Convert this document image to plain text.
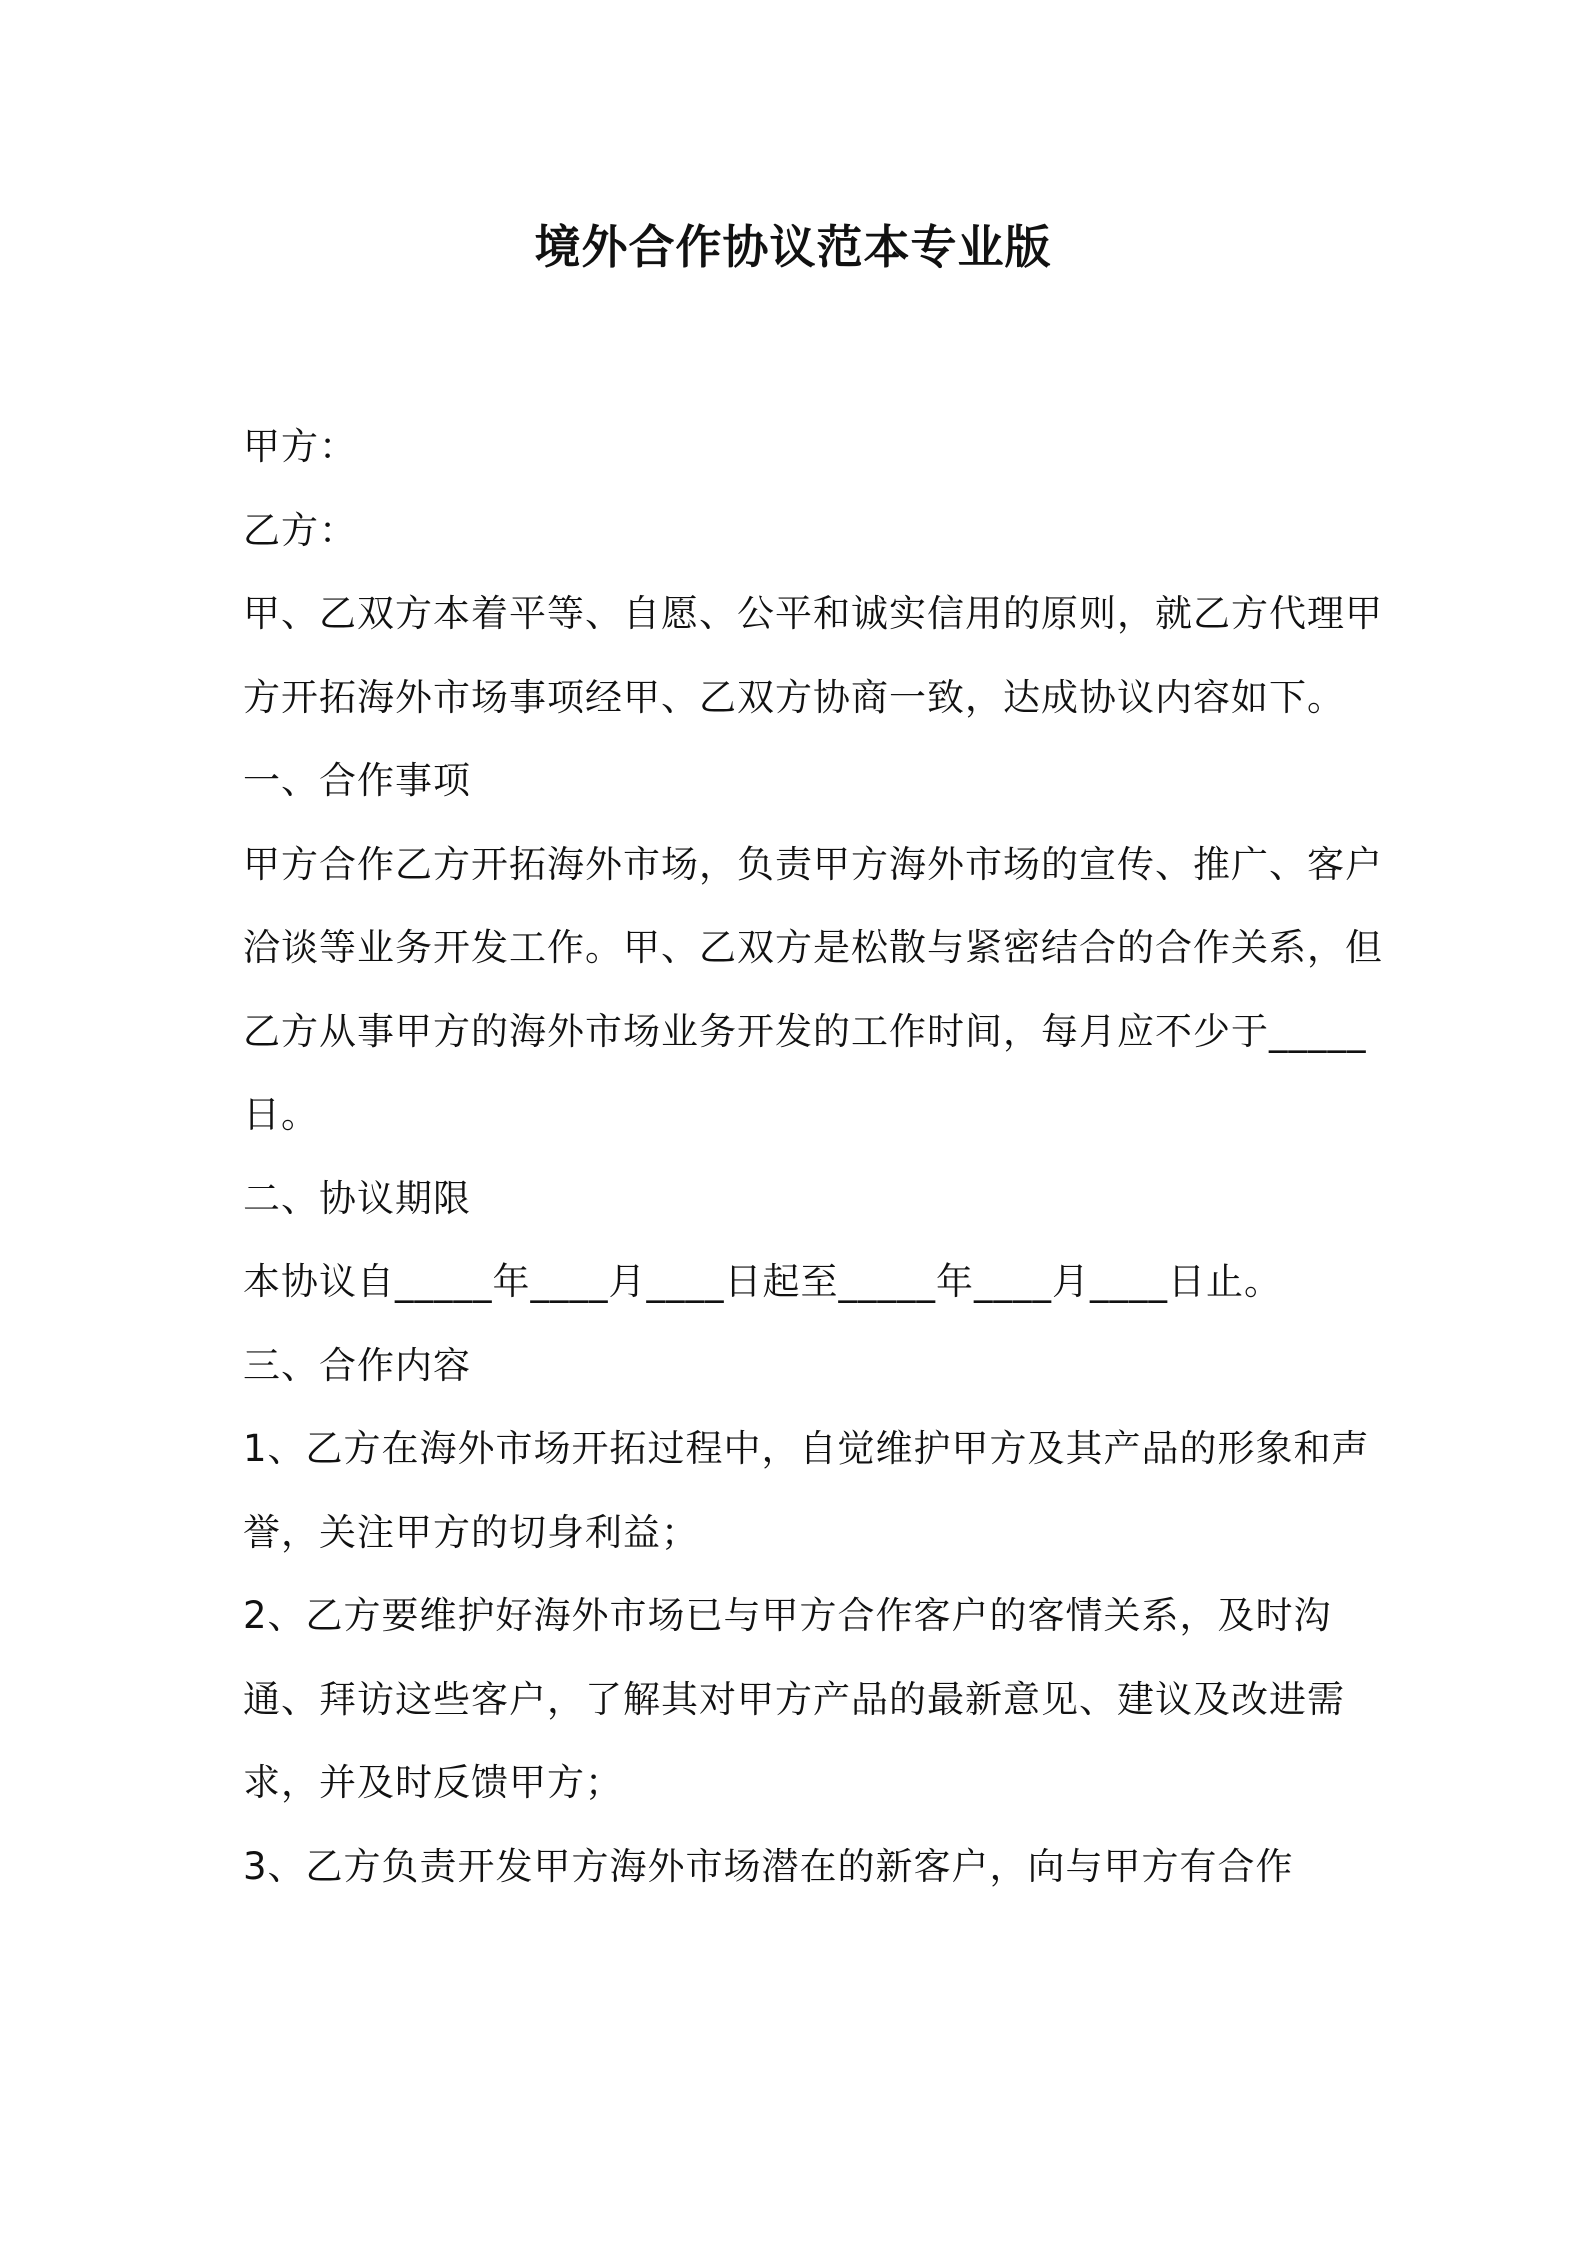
境外合作协议范本专业版

甲方：

乙方：

甲、乙双方本着平等、自愿、公平和诚实信用的原则，就乙方代理甲方开拓海外市场事项经甲、乙双方协商一致，达成协议内容如下。

一、合作事项

甲方合作乙方开拓海外市场，负责甲方海外市场的宣传、推广、客户洽谈等业务开发工作。甲、乙双方是松散与紧密结合的合作关系，但乙方从事甲方的海外市场业务开发的工作时间，每月应不少于_____日。

二、协议期限

本协议自_____年____月____日起至_____年____月____日止。

三、合作内容

1、乙方在海外市场开拓过程中，自觉维护甲方及其产品的形象和声誉，关注甲方的切身利益；

2、乙方要维护好海外市场已与甲方合作客户的客情关系，及时沟通、拜访这些客户，了解其对甲方产品的最新意见、建议及改进需求，并及时反馈甲方；

3、乙方负责开发甲方海外市场潜在的新客户，向与甲方有合作
